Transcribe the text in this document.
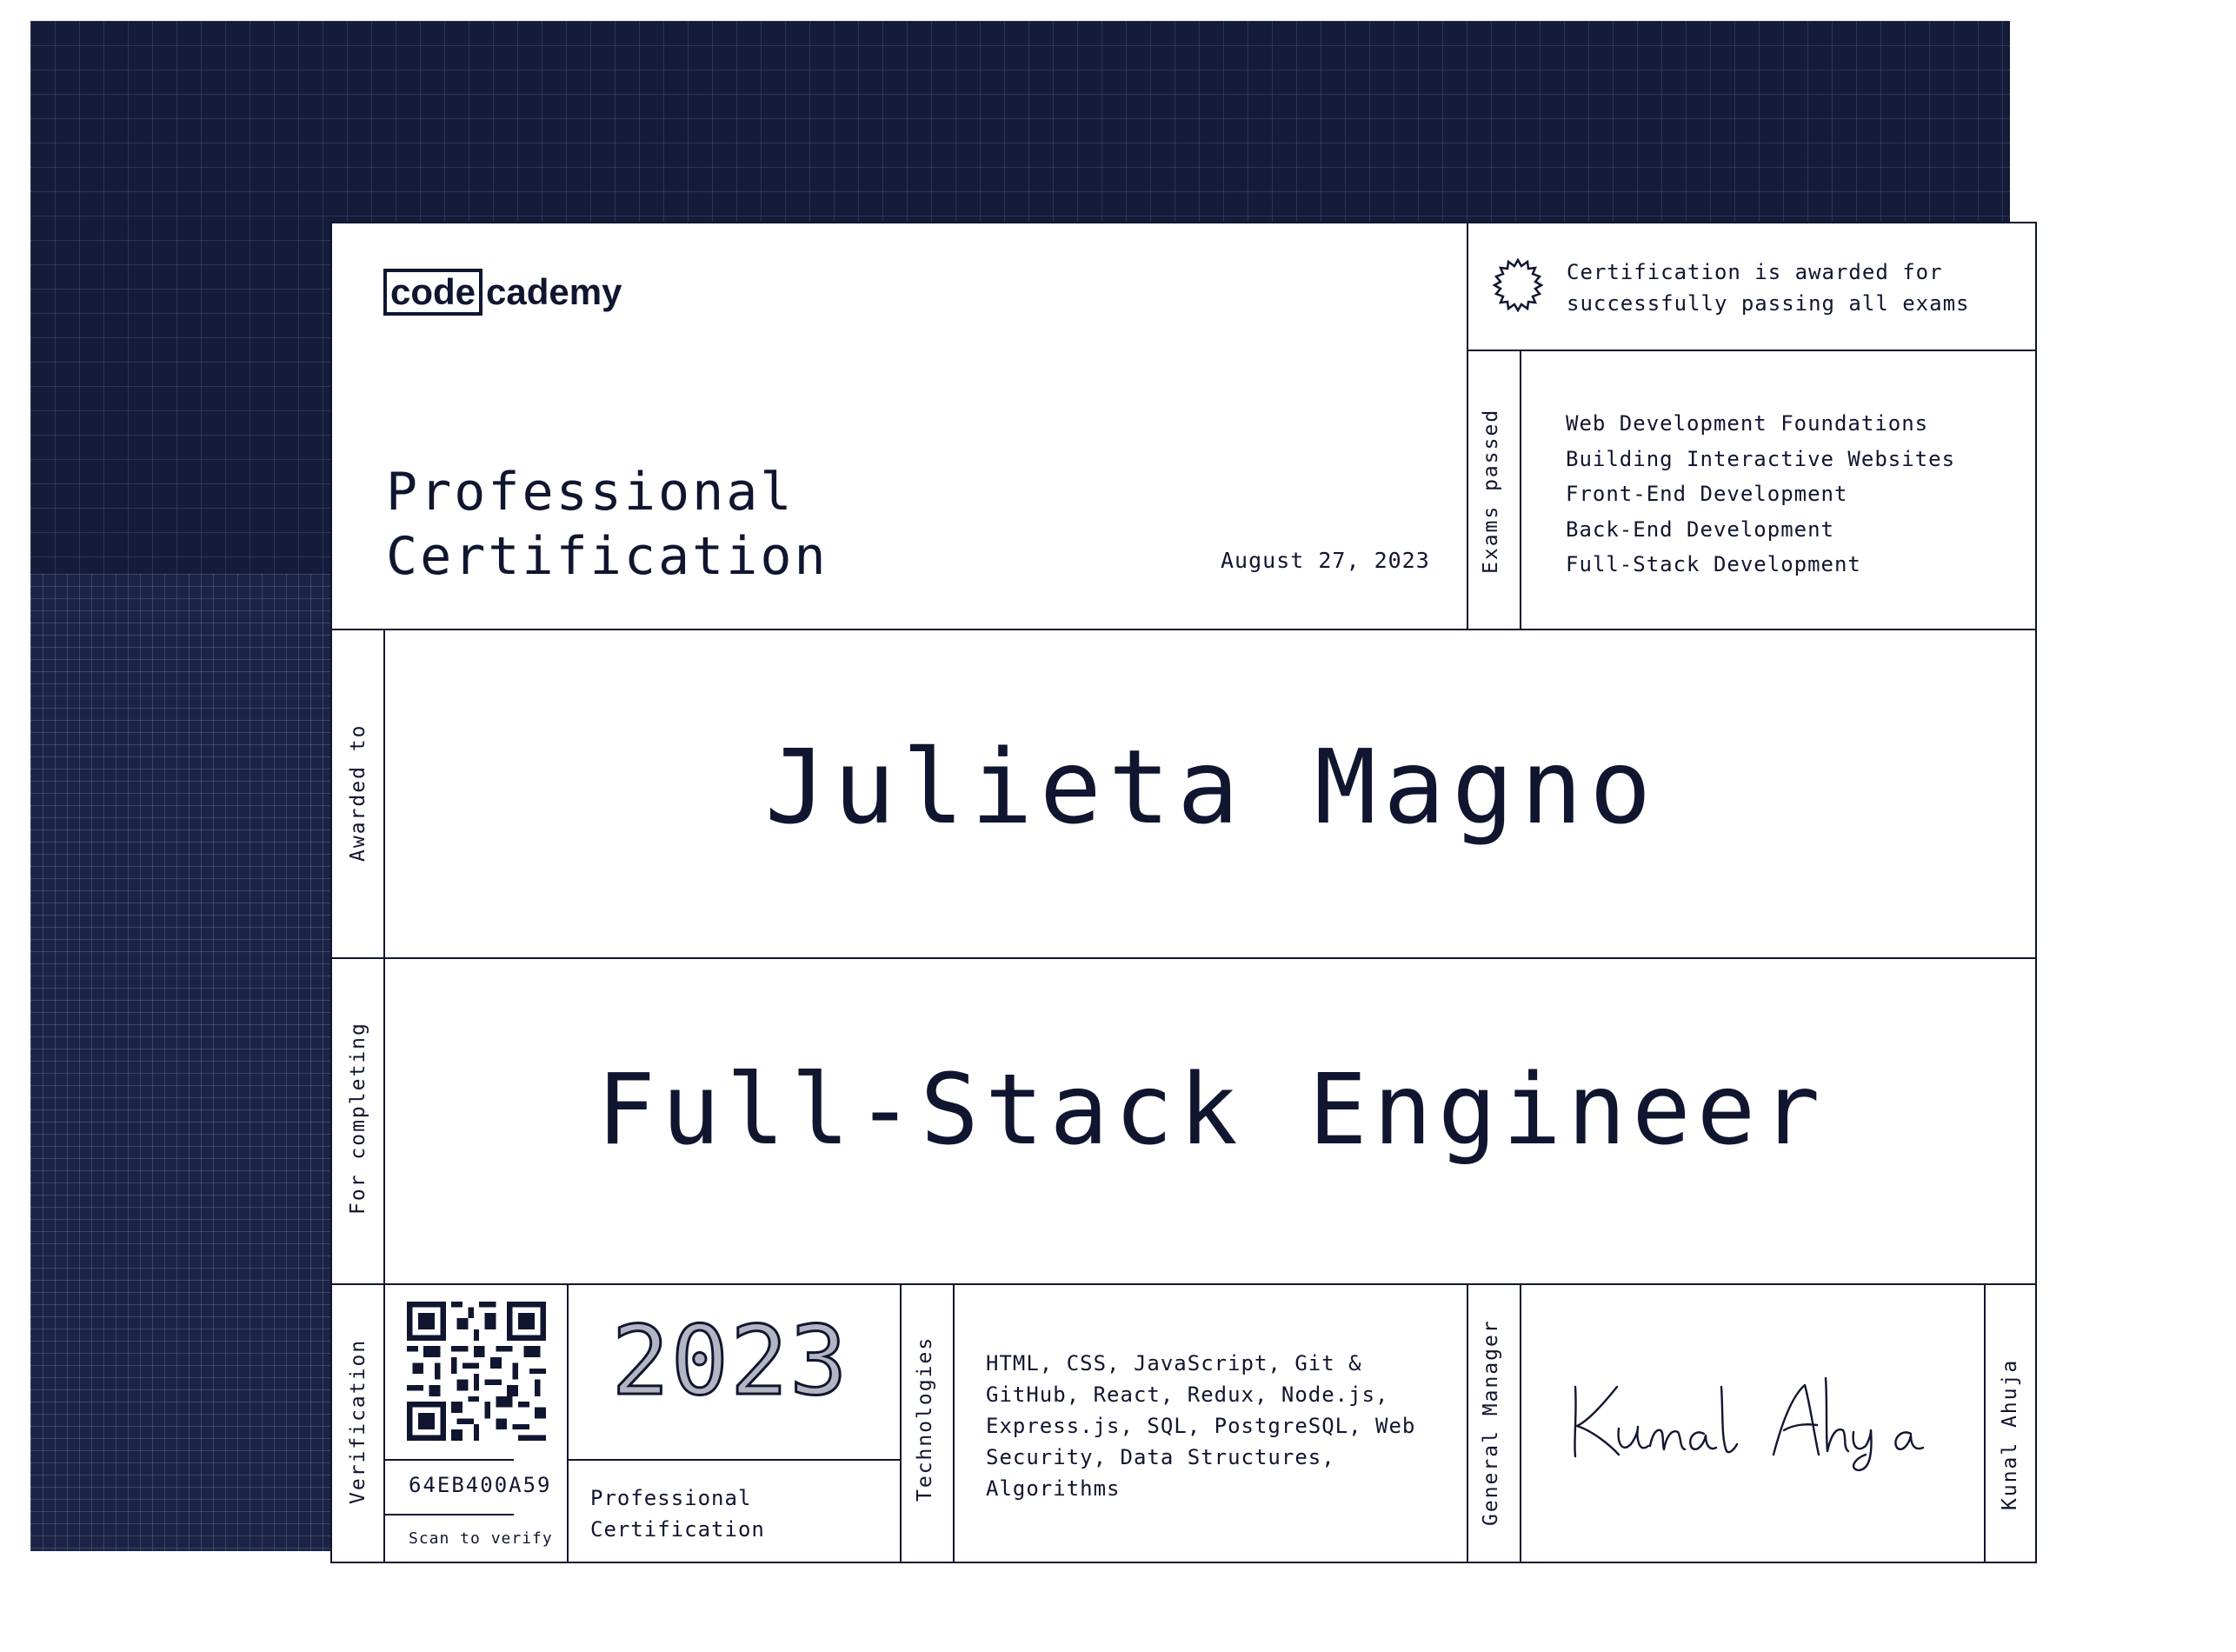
code cademy
Professional
Certification	August 27, 2023
Certification is awarded for
successfully passing all exams
Exams passed	Web Development Foundations
Building Interactive Websites
Front-End Development
Back-End Development
Full-Stack Development
Awarded to	Julieta Magno
For completing	Full-Stack Engineer
Verification 64EB400A59
Scan to verify
2023
Professional
Certification
Technologies HTML, CSS, JavaScript, Git &
GitHub, React, Redux, Node.js,
Express.js, SQL, PostgreSQL, Web
Security, Data Structures,
Algorithms	General Manager	Kunal Ahuja
